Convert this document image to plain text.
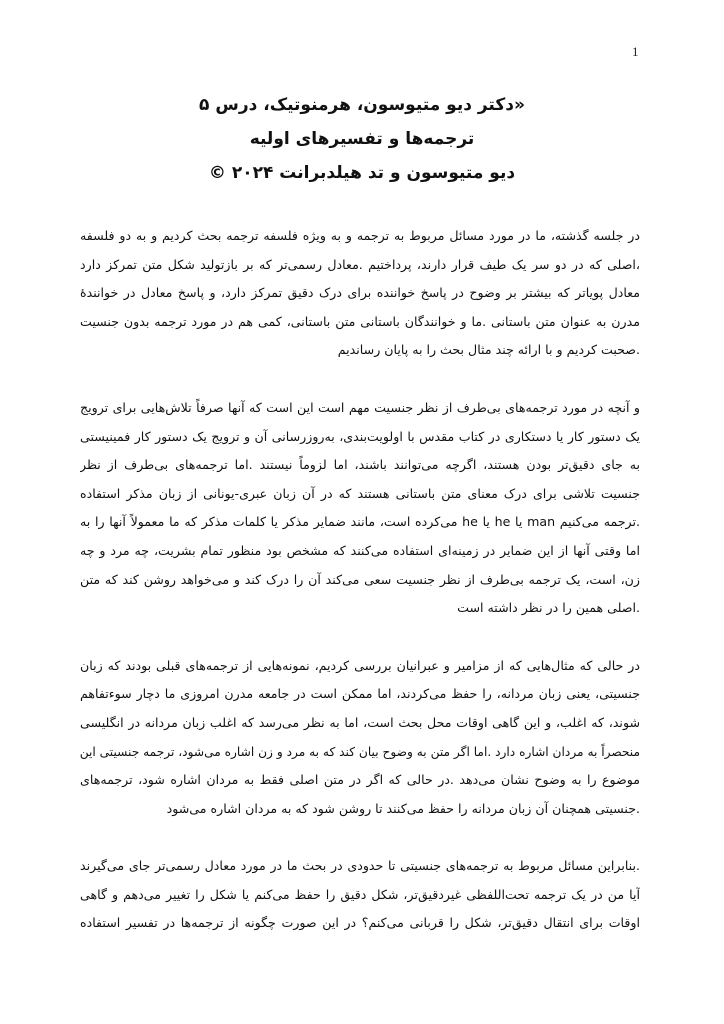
1

«دکتر دیو متیوسون، هرمنوتیک، درس ۵

ترجمه‌ها و تفسیرهای اولیه

دیو متیوسون و تد هیلدبرانت ۲۰۲۴ ©

در جلسه گذشته، ما در مورد مسائل مربوط به ترجمه و به ویژه فلسفه ترجمه بحث کردیم و به دو فلسفه
،اصلی که در دو سر یک طیف قرار دارند، پرداختیم .معادل رسمی‌تر که بر بازتولید شکل متن تمرکز دارد
معادل پویاتر که بیشتر بر وضوح در پاسخ خواننده برای درک دقیق تمرکز دارد، و پاسخ معادل در خوانندهٔ
مدرن به عنوان متن باستانی .ما و خوانندگان باستانی متن باستانی، کمی هم در مورد ترجمه بدون جنسیت
.صحبت کردیم و با ارائه چند مثال بحث را به پایان رساندیم

و آنچه در مورد ترجمه‌های بی‌طرف از نظر جنسیت مهم است این است که آنها صرفاً تلاش‌هایی برای ترویج
یک دستور کار یا دستکاری در کتاب مقدس با اولویت‌بندی، به‌روزرسانی آن و ترویج یک دستور کار فمینیستی
به جای دقیق‌تر بودن هستند، اگرچه می‌توانند باشند، اما لزوماً نیستند .اما ترجمه‌های بی‌طرف از نظر
جنسیت تلاشی برای درک معنای متن باستانی هستند که در آن زبان عبری-یونانی از زبان مذکر استفاده
.ترجمه می‌کنیم man یا he یا he می‌کرده است، مانند ضمایر مذکر یا کلمات مذکر که ما معمولاً آنها را به
اما وقتی آنها از این ضمایر در زمینه‌ای استفاده می‌کنند که مشخص بود منظور تمام بشریت، چه مرد و چه
زن، است، یک ترجمه بی‌طرف از نظر جنسیت سعی می‌کند آن را درک کند و می‌خواهد روشن کند که متن
.اصلی همین را در نظر داشته است

در حالی که مثال‌هایی که از مزامیر و عبرانیان بررسی کردیم، نمونه‌هایی از ترجمه‌های قبلی بودند که زبان
جنسیتی، یعنی زبان مردانه، را حفظ می‌کردند، اما ممکن است در جامعه مدرن امروزی ما دچار سوءتفاهم
شوند، که اغلب، و این گاهی اوقات محل بحث است، اما به نظر می‌رسد که اغلب زبان مردانه در انگلیسی
منحصراً به مردان اشاره دارد .اما اگر متن به وضوح بیان کند که به مرد و زن اشاره می‌شود، ترجمه جنسیتی این
موضوع را به وضوح نشان می‌دهد .در حالی که اگر در متن اصلی فقط به مردان اشاره شود، ترجمه‌های
.جنسیتی همچنان آن زبان مردانه را حفظ می‌کنند تا روشن شود که به مردان اشاره می‌شود

.بنابراین مسائل مربوط به ترجمه‌های جنسیتی تا حدودی در بحث ما در مورد معادل رسمی‌تر جای می‌گیرند
آیا من در یک ترجمه تحت‌اللفظی غیردقیق‌تر، شکل دقیق را حفظ می‌کنم یا شکل را تغییر می‌دهم و گاهی
اوقات برای انتقال دقیق‌تر، شکل را قربانی می‌کنم؟ در این صورت چگونه از ترجمه‌ها در تفسیر استفاده
